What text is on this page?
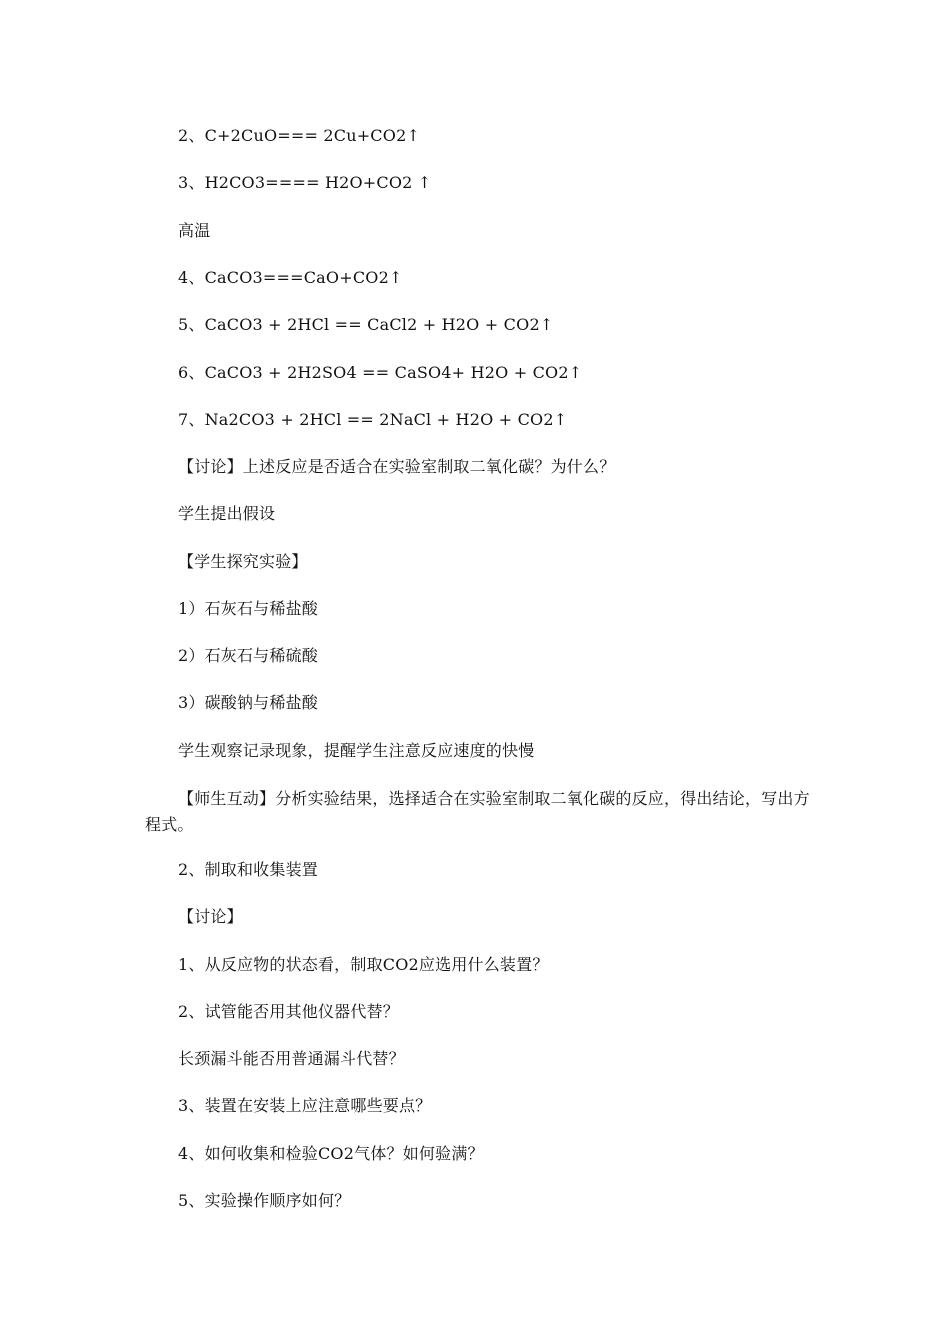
2、C+2CuO=== 2Cu+CO2↑
3、H2CO3==== H2O+CO2 ↑
高温
4、CaCO3===CaO+CO2↑
5、CaCO3 + 2HCl == CaCl2 + H2O + CO2↑
6、CaCO3 + 2H2SO4 == CaSO4+ H2O + CO2↑
7、Na2CO3 + 2HCl == 2NaCl + H2O + CO2↑
【讨论】上述反应是否适合在实验室制取二氧化碳？为什么？
学生提出假设
【学生探究实验】
1）石灰石与稀盐酸
2）石灰石与稀硫酸
3）碳酸钠与稀盐酸
学生观察记录现象，提醒学生注意反应速度的快慢
【师生互动】分析实验结果，选择适合在实验室制取二氧化碳的反应，得出结论，写出方程式。
2、制取和收集装置
【讨论】
1、从反应物的状态看，制取CO2应选用什么装置？
2、试管能否用其他仪器代替？
长颈漏斗能否用普通漏斗代替？
3、装置在安装上应注意哪些要点？
4、如何收集和检验CO2气体？如何验满？
5、实验操作顺序如何？
